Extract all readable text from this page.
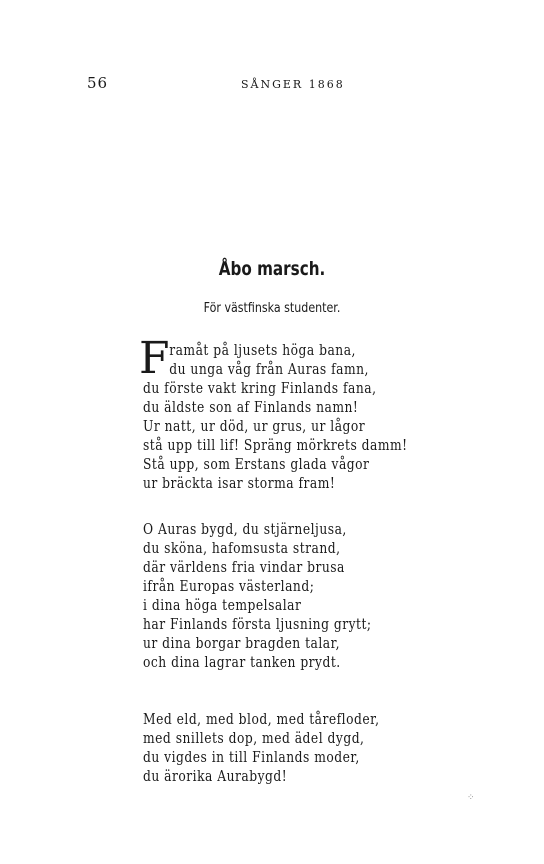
56	SÅNGER 1868
Åbo marsch.
För västfinska studenter.
F ramåt på ljusets höga bana,
du unga våg från Auras famn,
du förste vakt kring Finlands fana,
du äldste son af Finlands namn!
Ur natt, ur död, ur grus, ur lågor
stå upp till lif! Spräng mörkrets damm!
Stå upp, som Erstans glada vågor
ur bräckta isar storma fram!
O Auras bygd, du stjärneljusa,
du sköna, hafomsusta strand,
där världens fria vindar brusa
ifrån Europas västerland;
i dina höga tempelsalar
har Finlands första ljusning grytt;
ur dina borgar bragden talar,
och dina lagrar tanken prydt.
Med eld, med blod, med tårefloder,
med snillets dop, med ädel dygd,
du vigdes in till Finlands moder,
du ärorika Aurabygd!
⁘
